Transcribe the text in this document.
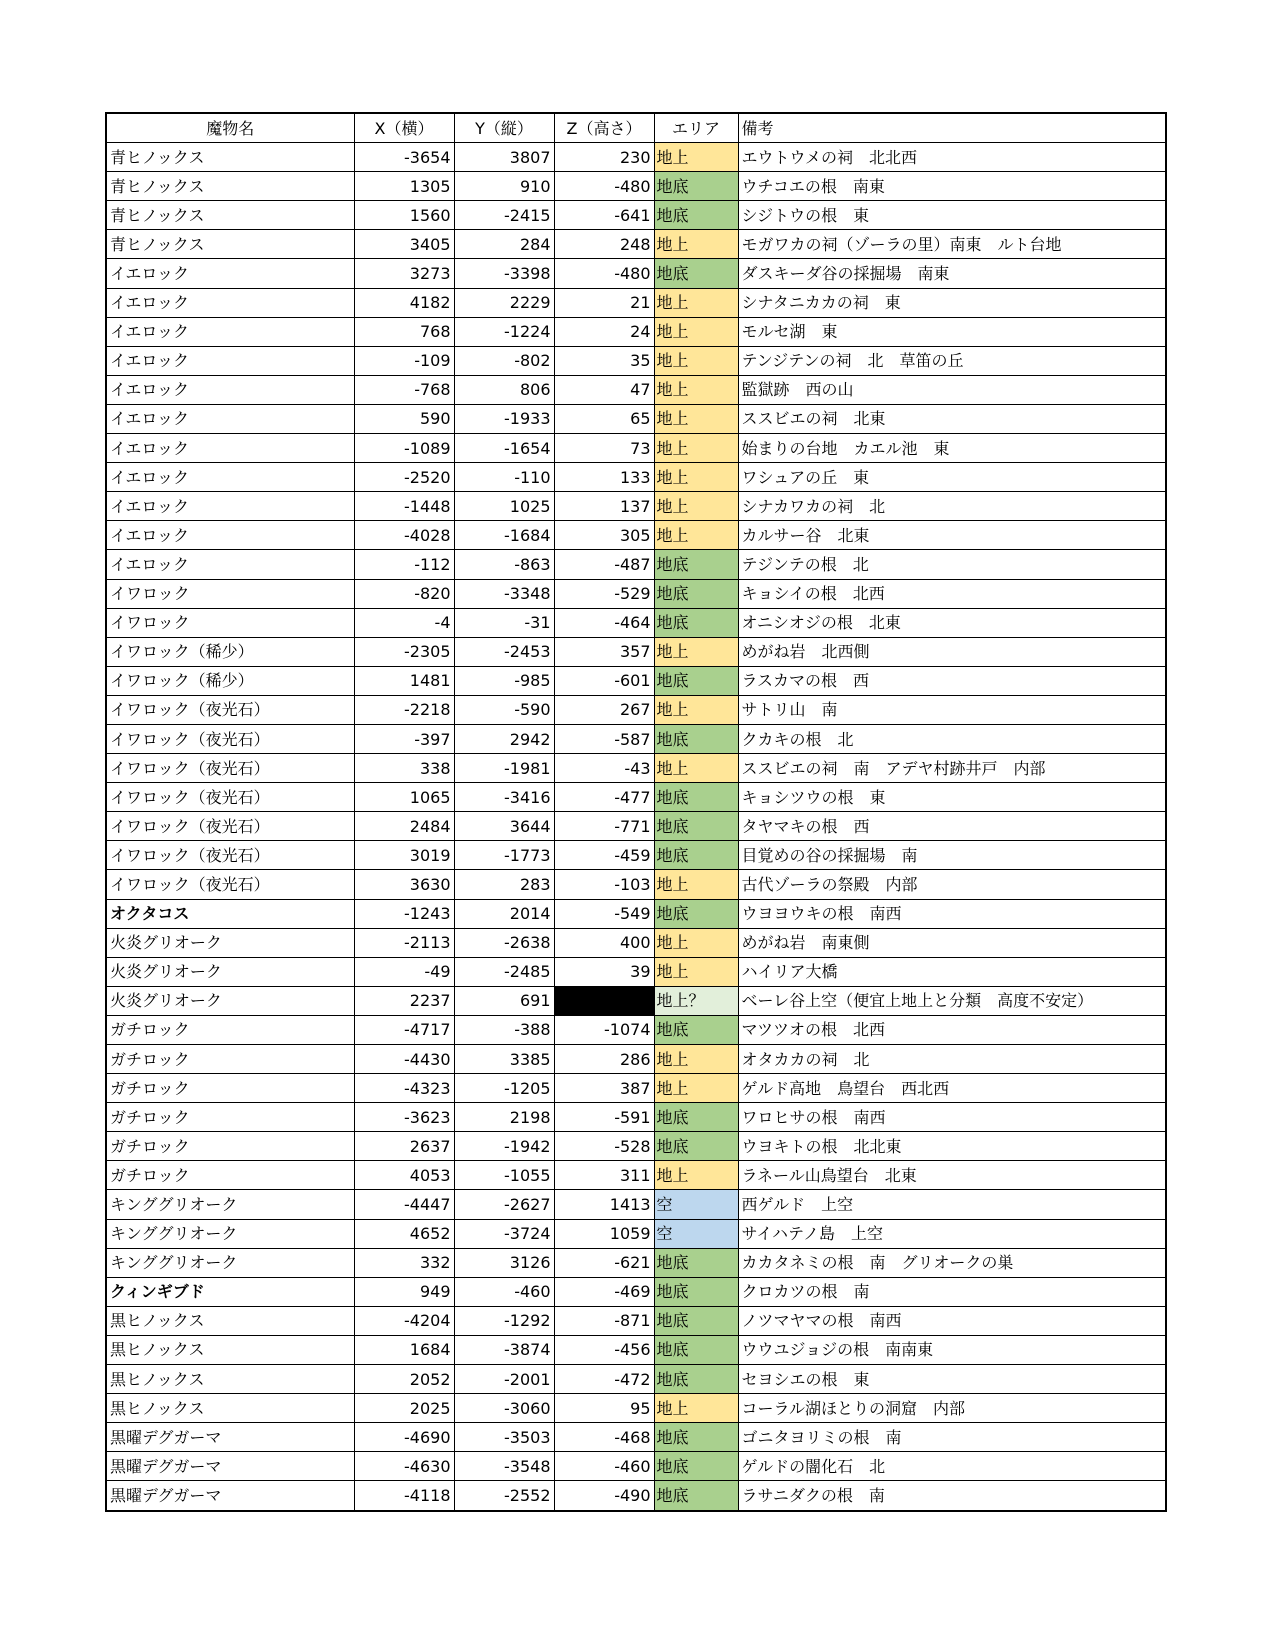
魔物名	X（横）	Y（縦）	Z（高さ）	エリア	備考
青ヒノックス	-3654	3807	230	地上	エウトウメの祠　北北西
青ヒノックス	1305	910	-480	地底	ウチコエの根　南東
青ヒノックス	1560	-2415	-641	地底	シジトウの根　東
青ヒノックス	3405	284	248	地上	モガワカの祠（ゾーラの里）南東　ルト台地
イエロック	3273	-3398	-480	地底	ダスキーダ谷の採掘場　南東
イエロック	4182	2229	21	地上	シナタニカカの祠　東
イエロック	768	-1224	24	地上	モルセ湖　東
イエロック	-109	-802	35	地上	テンジテンの祠　北　草笛の丘
イエロック	-768	806	47	地上	監獄跡　西の山
イエロック	590	-1933	65	地上	ススビエの祠　北東
イエロック	-1089	-1654	73	地上	始まりの台地　カエル池　東
イエロック	-2520	-110	133	地上	ワシュアの丘　東
イエロック	-1448	1025	137	地上	シナカワカの祠　北
イエロック	-4028	-1684	305	地上	カルサー谷　北東
イエロック	-112	-863	-487	地底	テジンテの根　北
イワロック	-820	-3348	-529	地底	キョシイの根　北西
イワロック	-4	-31	-464	地底	オニシオジの根　北東
イワロック（稀少）	-2305	-2453	357	地上	めがね岩　北西側
イワロック（稀少）	1481	-985	-601	地底	ラスカマの根　西
イワロック（夜光石）	-2218	-590	267	地上	サトリ山　南
イワロック（夜光石）	-397	2942	-587	地底	クカキの根　北
イワロック（夜光石）	338	-1981	-43	地上	ススビエの祠　南　アデヤ村跡井戸　内部
イワロック（夜光石）	1065	-3416	-477	地底	キョシツウの根　東
イワロック（夜光石）	2484	3644	-771	地底	タヤマキの根　西
イワロック（夜光石）	3019	-1773	-459	地底	目覚めの谷の採掘場　南
イワロック（夜光石）	3630	283	-103	地上	古代ゾーラの祭殿　内部
オクタコス	-1243	2014	-549	地底	ウヨヨウキの根　南西
火炎グリオーク	-2113	-2638	400	地上	めがね岩　南東側
火炎グリオーク	-49	-2485	39	地上	ハイリア大橋
火炎グリオーク	2237	691		地上？	ベーレ谷上空（便宜上地上と分類　高度不安定）
ガチロック	-4717	-388	-1074	地底	マツツオの根　北西
ガチロック	-4430	3385	286	地上	オタカカの祠　北
ガチロック	-4323	-1205	387	地上	ゲルド高地　鳥望台　西北西
ガチロック	-3623	2198	-591	地底	ワロヒサの根　南西
ガチロック	2637	-1942	-528	地底	ウヨキトの根　北北東
ガチロック	4053	-1055	311	地上	ラネール山鳥望台　北東
キンググリオーク	-4447	-2627	1413	空	西ゲルド　上空
キンググリオーク	4652	-3724	1059	空	サイハテノ島　上空
キンググリオーク	332	3126	-621	地底	カカタネミの根　南　グリオークの巣
クィンギブド	949	-460	-469	地底	クロカツの根　南
黒ヒノックス	-4204	-1292	-871	地底	ノツマヤマの根　南西
黒ヒノックス	1684	-3874	-456	地底	ウウユジョジの根　南南東
黒ヒノックス	2052	-2001	-472	地底	セヨシエの根　東
黒ヒノックス	2025	-3060	95	地上	コーラル湖ほとりの洞窟　内部
黒曜デグガーマ	-4690	-3503	-468	地底	ゴニタヨリミの根　南
黒曜デグガーマ	-4630	-3548	-460	地底	ゲルドの闇化石　北
黒曜デグガーマ	-4118	-2552	-490	地底	ラサニダクの根　南
